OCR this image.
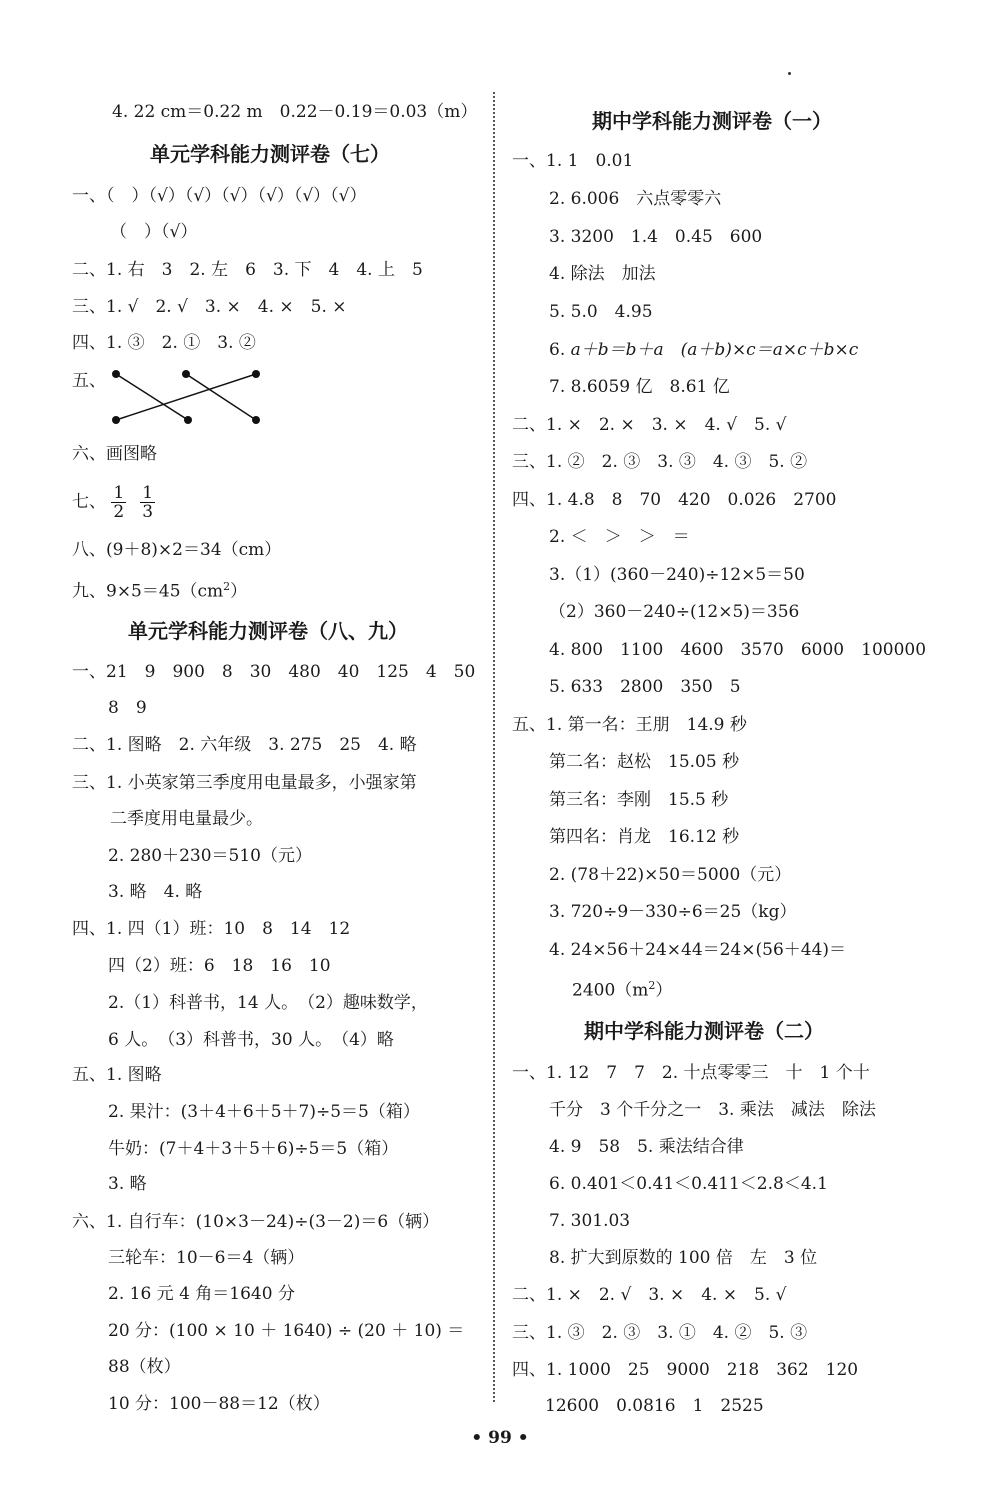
4. 22 cm＝0.22 m　0.22－0.19＝0.03（m）
单元学科能力测评卷（七）
一、（　）（√）（√）（√）（√）（√）（√）
（　）（√）
二、1. 右　3　2. 左　6　3. 下　4　4. 上　5
三、1. √　2. √　3. ×　4. ×　5. ×
四、1. ③　2. ①　3. ②
五、
六、画图略
七、 $\frac{1}{2} \frac{1}{3}$
八、(9＋8)×2＝34（cm）
九、$9\times 5=45(cm^2)$
单元学科能力测评卷（八、九）
一、21　9　900　8　30　480　40　125　4　50
8　9
二、1. 图略　2. 六年级　3. 275　25　4. 略
三、1. 小英家第三季度用电量最多，小强家第
二季度用电量最少。
2. 280＋230＝510（元）
3. 略　4. 略
四、1. 四（1）班：10　8　14　12
四（2）班：6　18　16　10
2.（1）科普书，14 人。　（2）趣味数学，
6 人。　（3）科普书，30 人。　（4）略
五、1. 图略
2. 果汁：(3＋4＋6＋5＋7)÷5＝5（箱）
牛奶：(7＋4＋3＋5＋6)÷5＝5（箱）
3. 略
六、1. 自行车：(10×3－24)÷(3－2)＝6（辆）
三轮车：10－6＝4（辆）
2. 16 元 4 角＝1640 分
20 分：(100 × 10 ＋ 1640) ÷ (20 ＋ 10) ＝
88（枚）
10 分：100－88＝12（枚）
期中学科能力测评卷（一）
一、1. 1　0.01
2. 6.006　六点零零六
3. 3200　1.4　0.45　600
4. 除法　加法
5. 5.0　4.95
6. a＋b＝b＋a　(a＋b)×c＝a×c＋b×c
7. 8.6059 亿　8.61 亿
二、1. ×　2. ×　3. ×　4. √　5. √
三、1. ②　2. ③　3. ③　4. ③　5. ②
四、1. 4.8　8　70　420　0.026　2700
2. ＜　＞　＞　＝
3.（1）(360－240)÷12×5＝50
（2）360－240÷(12×5)＝356
4. 800　1100　4600　3570　6000　100000
5. 633　2800　350　5
五、1. 第一名：王朋　14.9 秒
第二名：赵松　15.05 秒
第三名：李刚　15.5 秒
第四名：肖龙　16.12 秒
2. (78＋22)×50＝5000（元）
3. 720÷9－330÷6＝25（kg）
4. 24×56＋24×44＝24×(56＋44)＝
$2400(m^2)$
期中学科能力测评卷（二）
一、1. 12　7　7　2. 十点零零三　十　1 个十
千分　3 个千分之一　3. 乘法　减法　除法
4. 9　58　5. 乘法结合律
6. 0.401＜0.41＜0.411＜2.8＜4.1
7. 301.03
8. 扩大到原数的 100 倍　左　3 位
二、1. ×　2. √　3. ×　4. ×　5. √
三、1. ③　2. ③　3. ①　4. ②　5. ③
四、1. 1000　25　9000　218　362　120
12600　0.0816　1　2525
• 99 •
